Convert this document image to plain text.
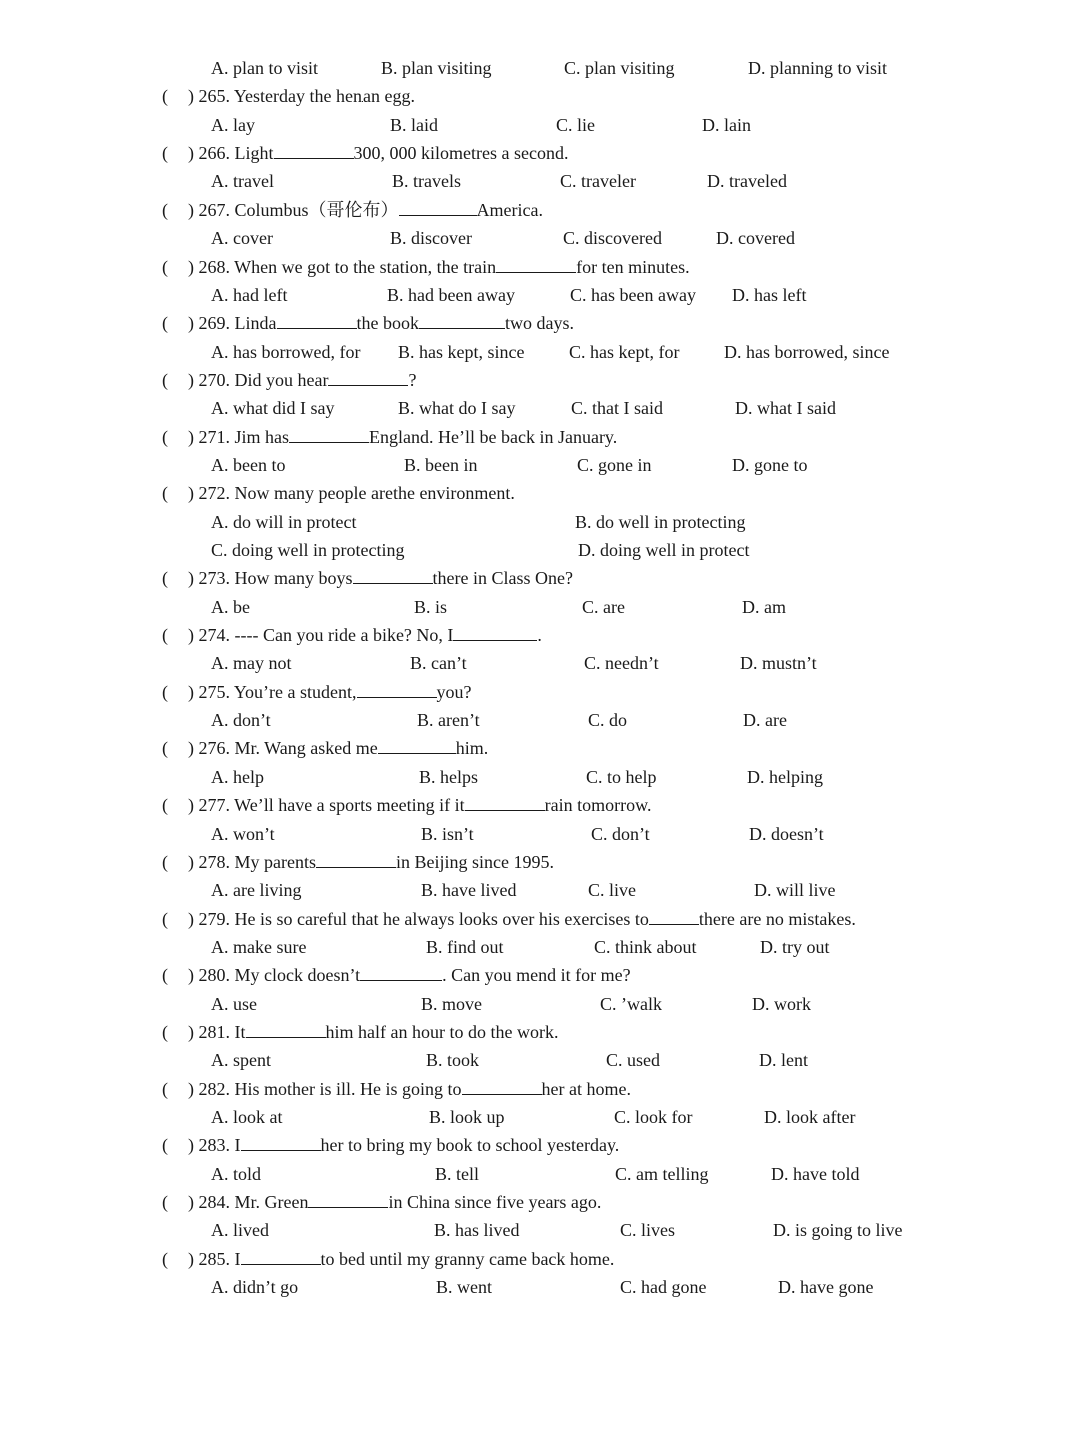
A. plan to visit	B. plan visiting	C. plan visiting	D. planning to visit
( ) 265. Yesterday the henan egg.
A. lay	B. laid	C. lie	D. lain
( ) 266. Light	300, 000 kilometres a second.
A. travel	B. travels	C. traveler	D. traveled
( ) 267. Columbus（哥伦布）	America.
A. cover	B. discover	C. discovered	D. covered
( ) 268. When we got to the station, the train	for ten minutes.
A. had left	B. had been away	C. has been away D. has left
( ) 269. Linda	the book	two days.
A. has borrowed, for B. has kept, since C. has kept, for D. has borrowed, since
( ) 270. Did you hear	?
A. what did I say	B. what do I say	C. that I said	D. what I said
( ) 271. Jim has	England. He’ll be back in January.
A. been to	B. been in	C. gone in	D. gone to
( ) 272. Now many people arethe environment.
A. do will in protect	B. do well in protecting
C. doing well in protecting	D. doing well in protect
( ) 273. How many boys	there in Class One?
A. be	B. is	C. are	D. am
( ) 274. ---- Can you ride a bike? No, I	.
A. may not	B. can’t	C. needn’t	D. mustn’t
( ) 275. You’re a student,	you?
A. don’t	B. aren’t	C. do	D. are
( ) 276. Mr. Wang asked me	him.
A. help	B. helps	C. to help	D. helping
( ) 277. We’ll have a sports meeting if it	rain tomorrow.
A. won’t	B. isn’t	C. don’t	D. doesn’t
( ) 278. My parents	in Beijing since 1995.
A. are living	B. have lived	C. live	D. will live
( ) 279. He is so careful that he always looks over his exercises to	there are no mistakes.
A. make sure	B. find out	C. think about	D. try out
( ) 280. My clock doesn’t	. Can you mend it for me?
A. use	B. move	C. ’walk	D. work
( ) 281. It	him half an hour to do the work.
A. spent	B. took	C. used	D. lent
( ) 282. His mother is ill. He is going to	her at home.
A. look at	B. look up	C. look for	D. look after
( ) 283. I	her to bring my book to school yesterday.
A. told	B. tell	C. am telling	D. have told
( ) 284. Mr. Green	in China since five years ago.
A. lived	B. has lived	C. lives	D. is going to live
( ) 285. I	to bed until my granny came back home.
A. didn’t go	B. went	C. had gone	D. have gone
